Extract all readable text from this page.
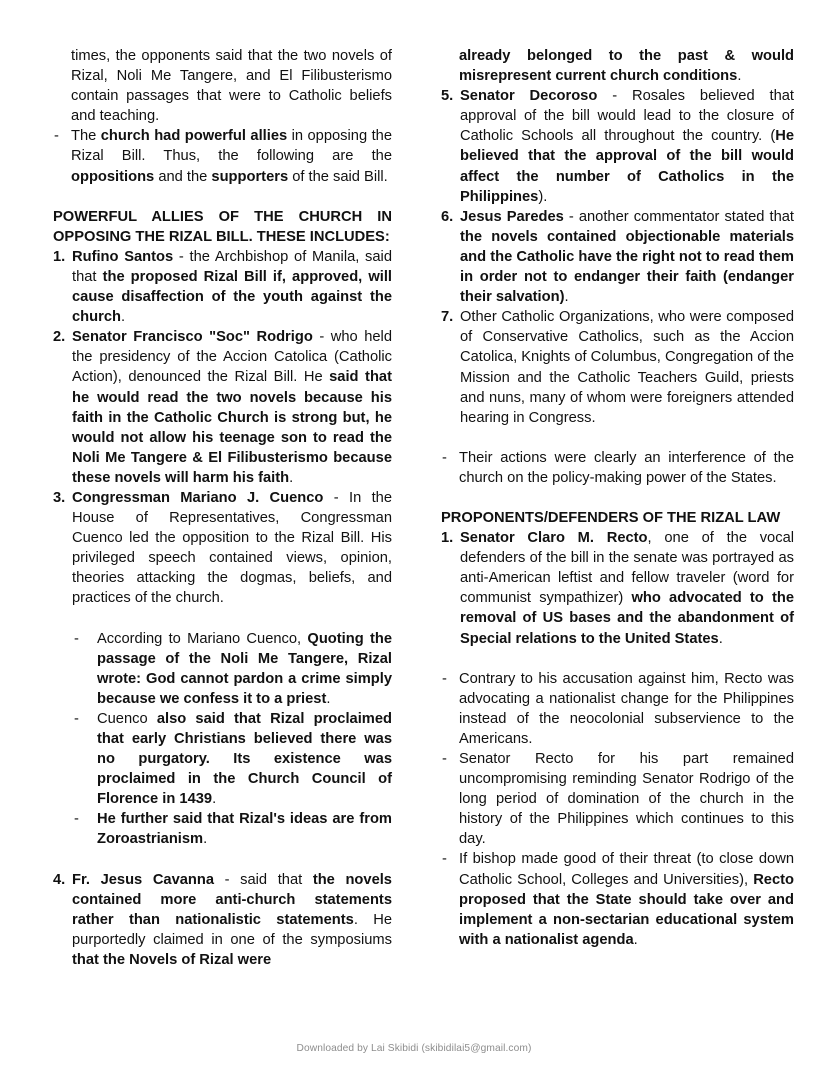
times, the opponents said that the two novels of Rizal, Noli Me Tangere, and El Filibusterismo contain passages that were to Catholic beliefs and teaching.

- The church had powerful allies in opposing the Rizal Bill. Thus, the following are the oppositions and the supporters of the said Bill.
POWERFUL ALLIES OF THE CHURCH IN OPPOSING THE RIZAL BILL. THESE INCLUDES:
1. Rufino Santos - the Archbishop of Manila, said that the proposed Rizal Bill if, approved, will cause disaffection of the youth against the church.
2. Senator Francisco "Soc" Rodrigo - who held the presidency of the Accion Catolica (Catholic Action), denounced the Rizal Bill. He said that he would read the two novels because his faith in the Catholic Church is strong but, he would not allow his teenage son to read the Noli Me Tangere & El Filibusterismo because these novels will harm his faith.
3. Congressman Mariano J. Cuenco - In the House of Representatives, Congressman Cuenco led the opposition to the Rizal Bill. His privileged speech contained views, opinion, theories attacking the dogmas, beliefs, and practices of the church.
- According to Mariano Cuenco, Quoting the passage of the Noli Me Tangere, Rizal wrote: God cannot pardon a crime simply because we confess it to a priest.
- Cuenco also said that Rizal proclaimed that early Christians believed there was no purgatory. Its existence was proclaimed in the Church Council of Florence in 1439.
- He further said that Rizal's ideas are from Zoroastrianism.
4. Fr. Jesus Cavanna - said that the novels contained more anti-church statements rather than nationalistic statements. He purportedly claimed in one of the symposiums that the Novels of Rizal were

already belonged to the past & would misrepresent current church conditions.

5. Senator Decoroso - Rosales believed that approval of the bill would lead to the closure of Catholic Schools all throughout the country. (He believed that the approval of the bill would affect the number of Catholics in the Philippines).
6. Jesus Paredes - another commentator stated that the novels contained objectionable materials and the Catholic have the right not to read them in order not to endanger their faith (endanger their salvation).
7. Other Catholic Organizations, who were composed of Conservative Catholics, such as the Accion Catolica, Knights of Columbus, Congregation of the Mission and the Catholic Teachers Guild, priests and nuns, many of whom were foreigners attended hearing in Congress.
- Their actions were clearly an interference of the church on the policy-making power of the States.
PROPONENTS/DEFENDERS OF THE RIZAL LAW
1. Senator Claro M. Recto, one of the vocal defenders of the bill in the senate was portrayed as anti-American leftist and fellow traveler (word for communist sympathizer) who advocated to the removal of US bases and the abandonment of Special relations to the United States.
- Contrary to his accusation against him, Recto was advocating a nationalist change for the Philippines instead of the neocolonial subservience to the Americans.
- Senator Recto for his part remained uncompromising reminding Senator Rodrigo of the long period of domination of the church in the history of the Philippines which continues to this day.
- If bishop made good of their threat (to close down Catholic School, Colleges and Universities), Recto proposed that the State should take over and implement a non-sectarian educational system with a nationalist agenda.
Downloaded by Lai Skibidi (skibidilai5@gmail.com)
